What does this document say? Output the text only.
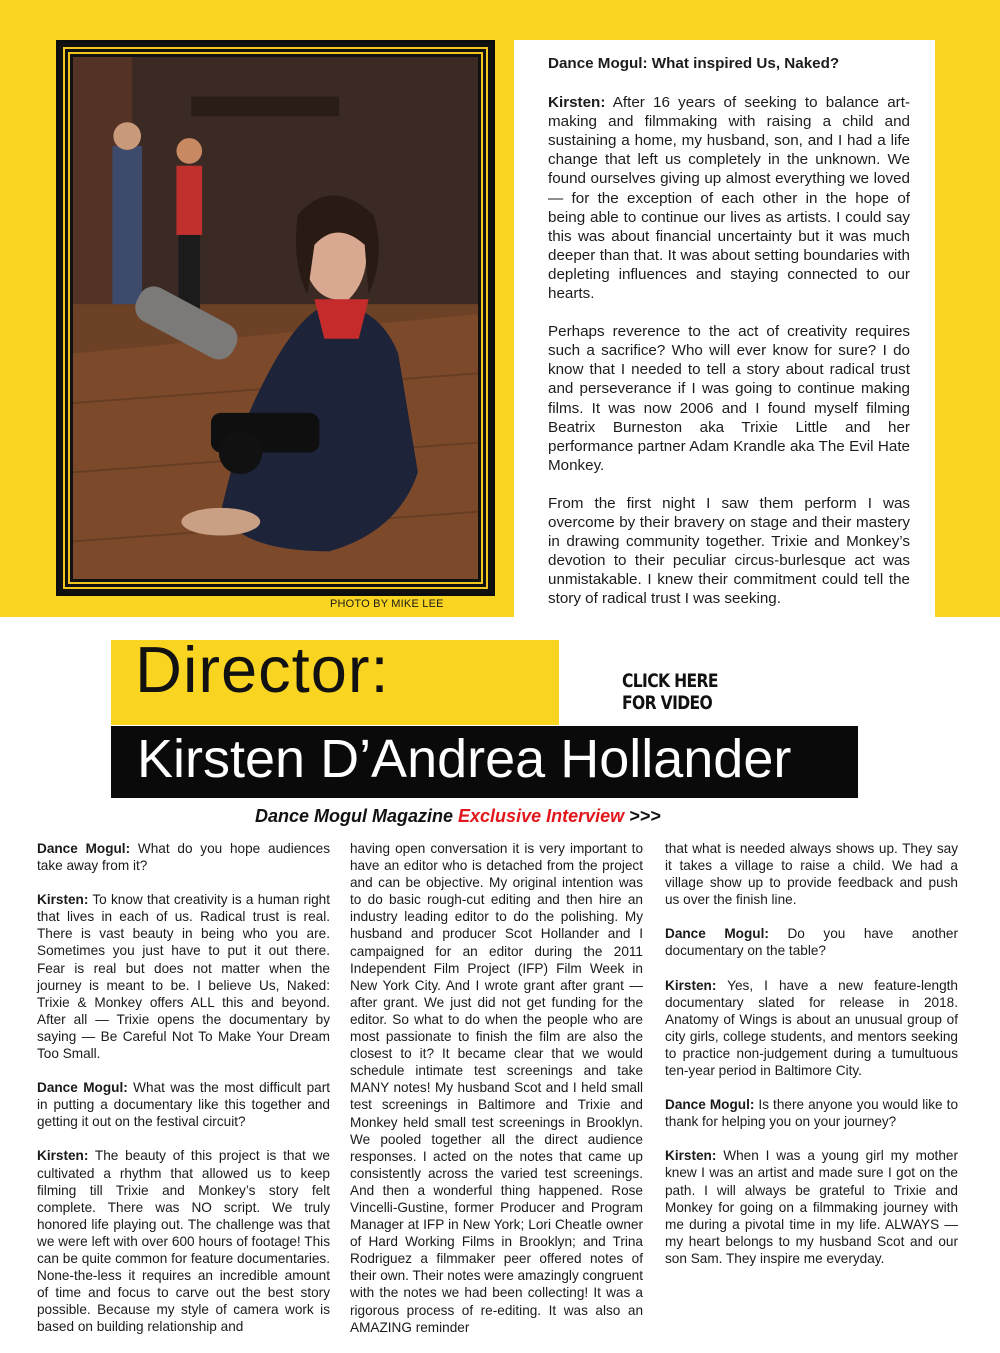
PHOTO BY MIKE LEE

Dance Mogul: What inspired Us, Naked?

Kirsten: After 16 years of seeking to balance art-making and filmmaking with raising a child and sustaining a home, my husband, son, and I had a life change that left us completely in the unknown. We found ourselves giving up almost everything we loved — for the exception of each other in the hope of being able to continue our lives as artists. I could say this was about financial uncertainty but it was much deeper than that. It was about setting boundaries with depleting influences and staying connected to our hearts.

Perhaps reverence to the act of creativity requires such a sacrifice? Who will ever know for sure? I do know that I needed to tell a story about radical trust and perseverance if I was going to continue making films. It was now 2006 and I found myself filming Beatrix Burneston aka Trixie Little and her performance partner Adam Krandle aka The Evil Hate Monkey.

From the first night I saw them perform I was overcome by their bravery on stage and their mastery in drawing community together. Trixie and Monkey’s devotion to their peculiar circus-burlesque act was unmistakable. I knew their commitment could tell the story of radical trust I was seeking.

Director:	CLICK HERE
FOR VIDEO
Kirsten D’Andrea Hollander
Dance Mogul Magazine Exclusive Interview >>>

Dance Mogul: What do you hope audiences take away from it?

Kirsten: To know that creativity is a human right that lives in each of us. Radical trust is real. There is vast beauty in being who you are. Sometimes you just have to put it out there. Fear is real but does not matter when the journey is meant to be. I believe Us, Naked: Trixie & Monkey offers ALL this and beyond. After all — Trixie opens the documentary by saying — Be Careful Not To Make Your Dream Too Small.

Dance Mogul: What was the most difficult part in putting a documentary like this together and getting it out on the festival circuit?

Kirsten: The beauty of this project is that we cultivated a rhythm that allowed us to keep filming till Trixie and Monkey’s story felt complete. There was NO script. We truly honored life playing out. The challenge was that we were left with over 600 hours of footage! This can be quite common for feature documentaries. None-the-less it requires an incredible amount of time and focus to carve out the best story possible. Because my style of camera work is based on building relationship and

having open conversation it is very important to have an editor who is detached from the project and can be objective. My original intention was to do basic rough-cut editing and then hire an industry leading editor to do the polishing. My husband and producer Scot Hollander and I campaigned for an editor during the 2011 Independent Film Project (IFP) Film Week in New York City. And I wrote grant after grant — after grant. We just did not get funding for the editor. So what to do when the people who are most passionate to finish the film are also the closest to it? It became clear that we would schedule intimate test screenings and take MANY notes! My husband Scot and I held small test screenings in Baltimore and Trixie and Monkey held small test screenings in Brooklyn. We pooled together all the direct audience responses. I acted on the notes that came up consistently across the varied test screenings. And then a wonderful thing happened. Rose Vincelli-Gustine, former Producer and Program Manager at IFP in New York; Lori Cheatle owner of Hard Working Films in Brooklyn; and Trina Rodriguez a filmmaker peer offered notes of their own. Their notes were amazingly congruent with the notes we had been collecting! It was a rigorous process of re-editing. It was also an AMAZING reminder

that what is needed always shows up. They say it takes a village to raise a child. We had a village show up to provide feedback and push us over the finish line.

Dance Mogul: Do you have another documentary on the table?

Kirsten: Yes, I have a new feature-length documentary slated for release in 2018. Anatomy of Wings is about an unusual group of city girls, college students, and mentors seeking to practice non-judgement during a tumultuous ten-year period in Baltimore City.

Dance Mogul: Is there anyone you would like to thank for helping you on your journey?

Kirsten: When I was a young girl my mother knew I was an artist and made sure I got on the path. I will always be grateful to Trixie and Monkey for going on a filmmaking journey with me during a pivotal time in my life. ALWAYS — my heart belongs to my husband Scot and our son Sam. They inspire me everyday.
